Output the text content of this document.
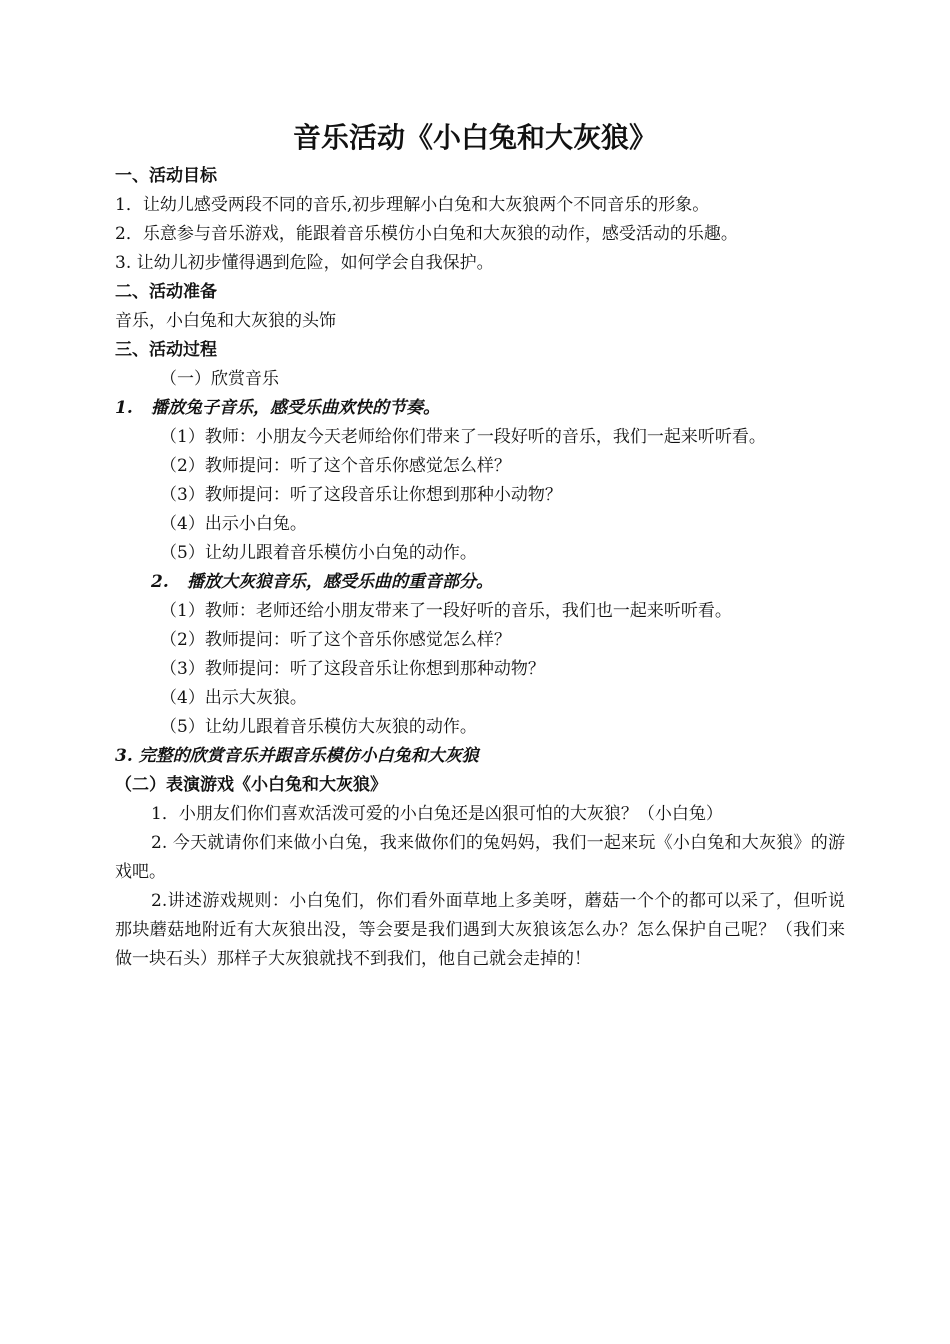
音乐活动《小白兔和大灰狼》
一、活动目标
1．让幼儿感受两段不同的音乐,初步理解小白兔和大灰狼两个不同音乐的形象。
2．乐意参与音乐游戏，能跟着音乐模仿小白兔和大灰狼的动作，感受活动的乐趣。
3. 让幼儿初步懂得遇到危险，如何学会自我保护。
二、活动准备
音乐，小白兔和大灰狼的头饰
三、活动过程
（一）欣赏音乐
1. 播放兔子音乐，感受乐曲欢快的节奏。
（1）教师：小朋友今天老师给你们带来了一段好听的音乐，我们一起来听听看。
（2）教师提问：听了这个音乐你感觉怎么样？
（3）教师提问：听了这段音乐让你想到那种小动物？
（4）出示小白兔。
（5）让幼儿跟着音乐模仿小白兔的动作。
2. 播放大灰狼音乐，感受乐曲的重音部分。
（1）教师：老师还给小朋友带来了一段好听的音乐，我们也一起来听听看。
（2）教师提问：听了这个音乐你感觉怎么样？
（3）教师提问：听了这段音乐让你想到那种动物？
（4）出示大灰狼。
（5）让幼儿跟着音乐模仿大灰狼的动作。
3. 完整的欣赏音乐并跟音乐模仿小白兔和大灰狼
（二）表演游戏《小白兔和大灰狼》
1．小朋友们你们喜欢活泼可爱的小白兔还是凶狠可怕的大灰狼？（小白兔）
2. 今天就请你们来做小白兔，我来做你们的兔妈妈，我们一起来玩《小白兔和大灰狼》的游戏吧。
2.讲述游戏规则：小白兔们，你们看外面草地上多美呀，蘑菇一个个的都可以采了，但听说那块蘑菇地附近有大灰狼出没，等会要是我们遇到大灰狼该怎么办？怎么保护自己呢？（我们来做一块石头）那样子大灰狼就找不到我们，他自己就会走掉的！
